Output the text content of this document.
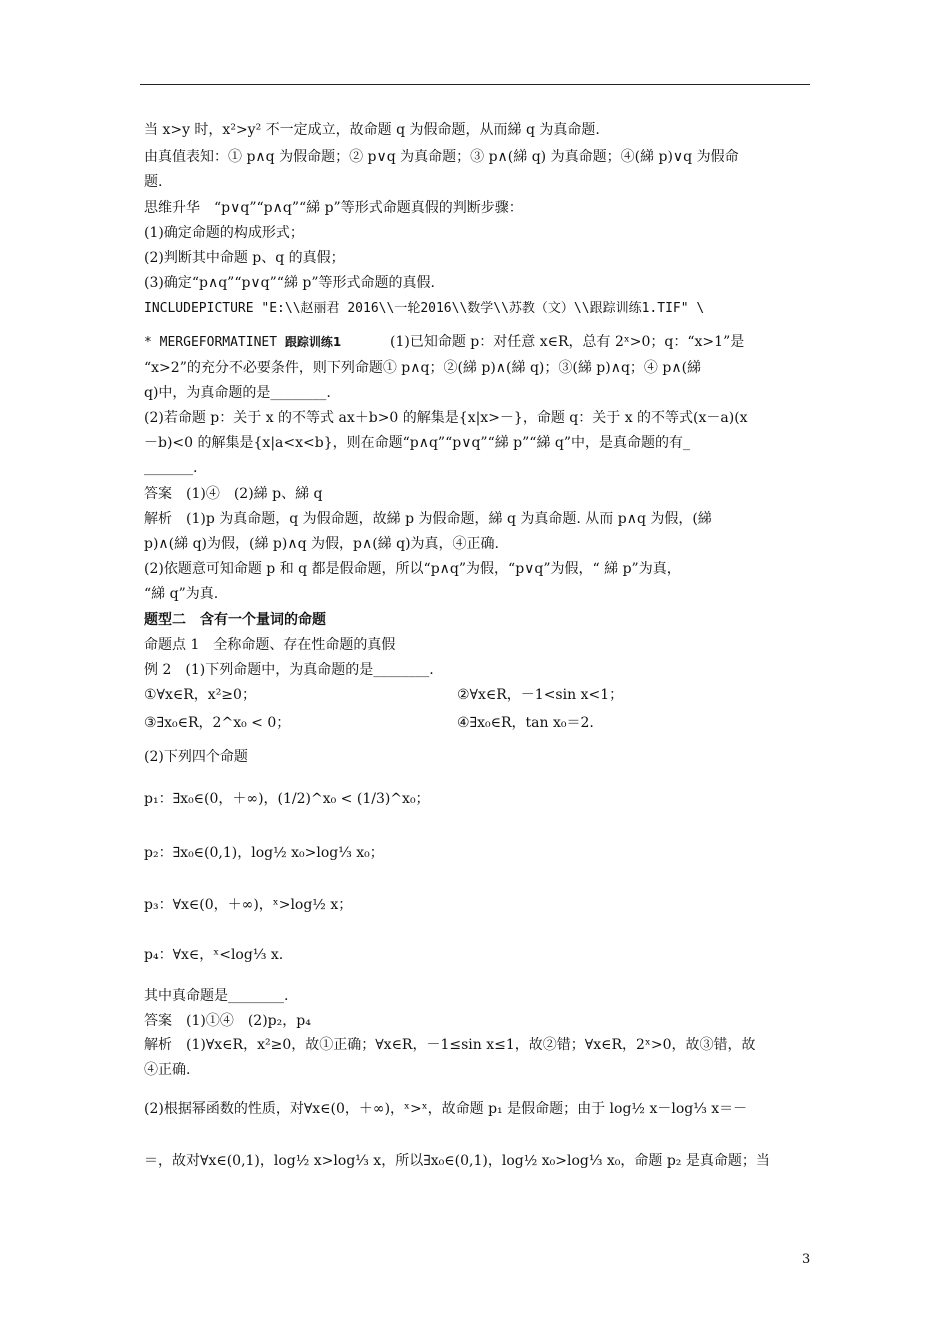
当 x>y 时，x²>y² 不一定成立，故命题 q 为假命题，从而綈 q 为真命题.
由真值表知：① p∧q 为假命题；② p∨q 为真命题；③ p∧(綈 q) 为真命题；④(綈 p)∨q 为假命
题.
思维升华　“p∨q”“p∧q”“綈 p”等形式命题真假的判断步骤：
(1)确定命题的构成形式；
(2)判断其中命题 p、q 的真假；
(3)确定“p∧q”“p∨q”“綈 p”等形式命题的真假.
INCLUDEPICTURE "E:\\赵丽君 2016\\一轮2016\\数学\\苏教（文）\\跟踪训练1.TIF" \
(1)已知命题 p：对任意 x∈R，总有 2ˣ>0；q：“x>1”是
“x>2”的充分不必要条件，则下列命题① p∧q；②(綈 p)∧(綈 q)；③(綈 p)∧q；④ p∧(綈
q)中，为真命题的是________.
(2)若命题 p：关于 x 的不等式 ax＋b>0 的解集是{x|x>－}，命题 q：关于 x 的不等式(x－a)(x
－b)<0 的解集是{x|a<x<b}，则在命题“p∧q”“p∨q”“綈 p”“綈 q”中，是真命题的有_
_______.
答案　(1)④　(2)綈 p、綈 q
解析　(1)p 为真命题，q 为假命题，故綈 p 为假命题，綈 q 为真命题. 从而 p∧q 为假，(綈
p)∧(綈 q)为假，(綈 p)∧q 为假，p∧(綈 q)为真，④正确.
(2)依题意可知命题 p 和 q 都是假命题，所以“p∧q”为假，“p∨q”为假，“ 綈 p”为真，
“綈 q”为真.
题型二　含有一个量词的命题
命题点 1　全称命题、存在性命题的真假
例 2　(1)下列命题中，为真命题的是________.
(2)下列四个命题
p₁：∃x₀∈(0，＋∞)，(1/2)^x₀ < (1/3)^x₀；
p₂：∃x₀∈(0,1)，log½ x₀>log⅓ x₀；
p₃：∀x∈(0，＋∞)，ˣ>log½ x；
p₄：∀x∈，ˣ<log⅓ x.
其中真命题是________.
答案　(1)①④　(2)p₂，p₄
解析　(1)∀x∈R，x²≥0，故①正确；∀x∈R，－1≤sin x≤1，故②错；∀x∈R，2ˣ>0，故③错，故
④正确.
(2)根据幂函数的性质，对∀x∈(0，＋∞)，ˣ>ˣ，故命题 p₁ 是假命题；由于 log½ x－log⅓ x＝－
＝，故对∀x∈(0,1)，log½ x>log⅓ x，所以∃x₀∈(0,1)，log½ x₀>log⅓ x₀，命题 p₂ 是真命题；当
* MERGEFORMATINET 跟踪训练1
①∀x∈R，x²≥0；	②∀x∈R，－1<sin x<1；
③∃x₀∈R，2^x₀ < 0；	④∃x₀∈R，tan x₀＝2.
3
